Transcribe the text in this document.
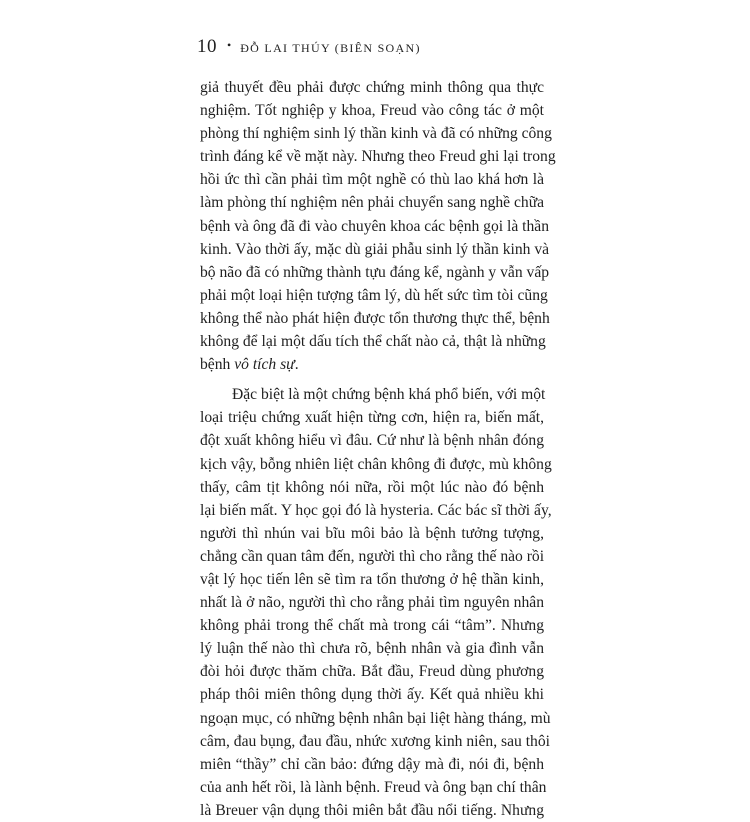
10 • ĐỖ LAI THÚY (BIÊN SOẠN)
giả thuyết đều phải được chứng minh thông qua thực
nghiệm. Tốt nghiệp y khoa, Freud vào công tác ở một
phòng thí nghiệm sinh lý thần kinh và đã có những công
trình đáng kể về mặt này. Nhưng theo Freud ghi lại trong
hồi ức thì cần phải tìm một nghề có thù lao khá hơn là
làm phòng thí nghiệm nên phải chuyển sang nghề chữa
bệnh và ông đã đi vào chuyên khoa các bệnh gọi là thần
kinh. Vào thời ấy, mặc dù giải phẫu sinh lý thần kinh và
bộ não đã có những thành tựu đáng kể, ngành y vẫn vấp
phải một loại hiện tượng tâm lý, dù hết sức tìm tòi cũng
không thể nào phát hiện được tổn thương thực thể, bệnh
không để lại một dấu tích thể chất nào cả, thật là những
bệnh vô tích sự.
Đặc biệt là một chứng bệnh khá phổ biến, với một
loại triệu chứng xuất hiện từng cơn, hiện ra, biến mất,
đột xuất không hiểu vì đâu. Cứ như là bệnh nhân đóng
kịch vậy, bỗng nhiên liệt chân không đi được, mù không
thấy, câm tịt không nói nữa, rồi một lúc nào đó bệnh
lại biến mất. Y học gọi đó là hysteria. Các bác sĩ thời ấy,
người thì nhún vai bĩu môi bảo là bệnh tưởng tượng,
chẳng cần quan tâm đến, người thì cho rằng thế nào rồi
vật lý học tiến lên sẽ tìm ra tổn thương ở hệ thần kinh,
nhất là ở não, người thì cho rằng phải tìm nguyên nhân
không phải trong thể chất mà trong cái “tâm”. Nhưng
lý luận thế nào thì chưa rõ, bệnh nhân và gia đình vẫn
đòi hỏi được thăm chữa. Bắt đầu, Freud dùng phương
pháp thôi miên thông dụng thời ấy. Kết quả nhiều khi
ngoạn mục, có những bệnh nhân bại liệt hàng tháng, mù
câm, đau bụng, đau đầu, nhức xương kinh niên, sau thôi
miên “thầy” chỉ cần bảo: đứng dậy mà đi, nói đi, bệnh
của anh hết rồi, là lành bệnh. Freud và ông bạn chí thân
là Breuer vận dụng thôi miên bắt đầu nổi tiếng. Nhưng
